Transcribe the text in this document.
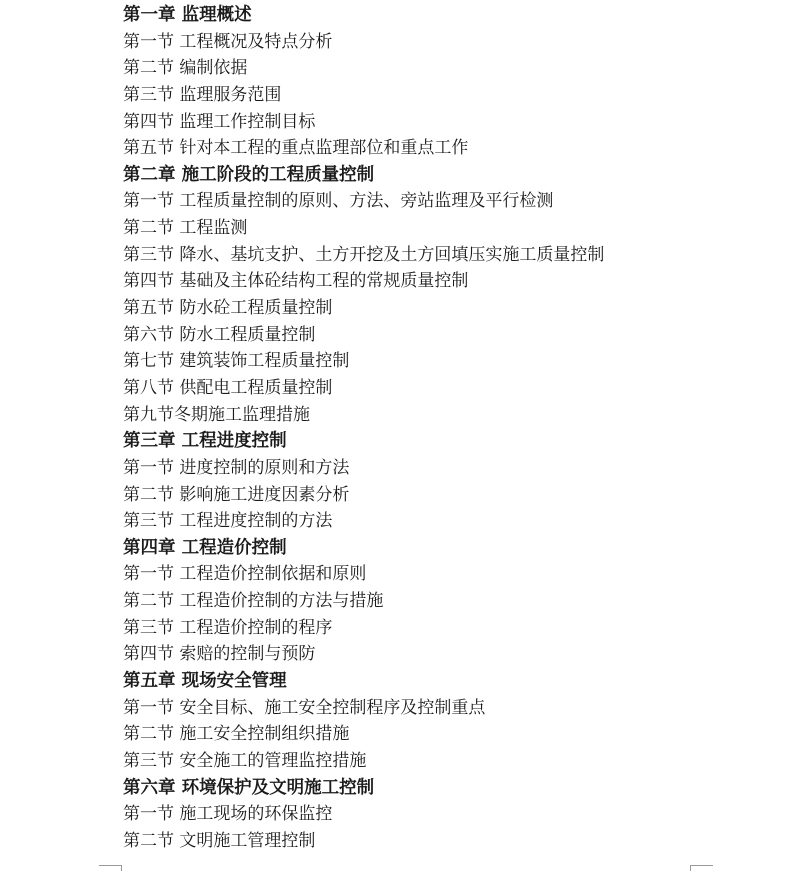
第一章 监理概述
第一节 工程概况及特点分析
第二节 编制依据
第三节 监理服务范围
第四节 监理工作控制目标
第五节 针对本工程的重点监理部位和重点工作
第二章 施工阶段的工程质量控制
第一节 工程质量控制的原则、方法、旁站监理及平行检测
第二节 工程监测
第三节 降水、基坑支护、土方开挖及土方回填压实施工质量控制
第四节 基础及主体砼结构工程的常规质量控制
第五节 防水砼工程质量控制
第六节 防水工程质量控制
第七节 建筑装饰工程质量控制
第八节 供配电工程质量控制
第九节冬期施工监理措施
第三章 工程进度控制
第一节 进度控制的原则和方法
第二节 影响施工进度因素分析
第三节 工程进度控制的方法
第四章 工程造价控制
第一节 工程造价控制依据和原则
第二节 工程造价控制的方法与措施
第三节 工程造价控制的程序
第四节 索赔的控制与预防
第五章 现场安全管理
第一节 安全目标、施工安全控制程序及控制重点
第二节 施工安全控制组织措施
第三节 安全施工的管理监控措施
第六章 环境保护及文明施工控制
第一节 施工现场的环保监控
第二节 文明施工管理控制
